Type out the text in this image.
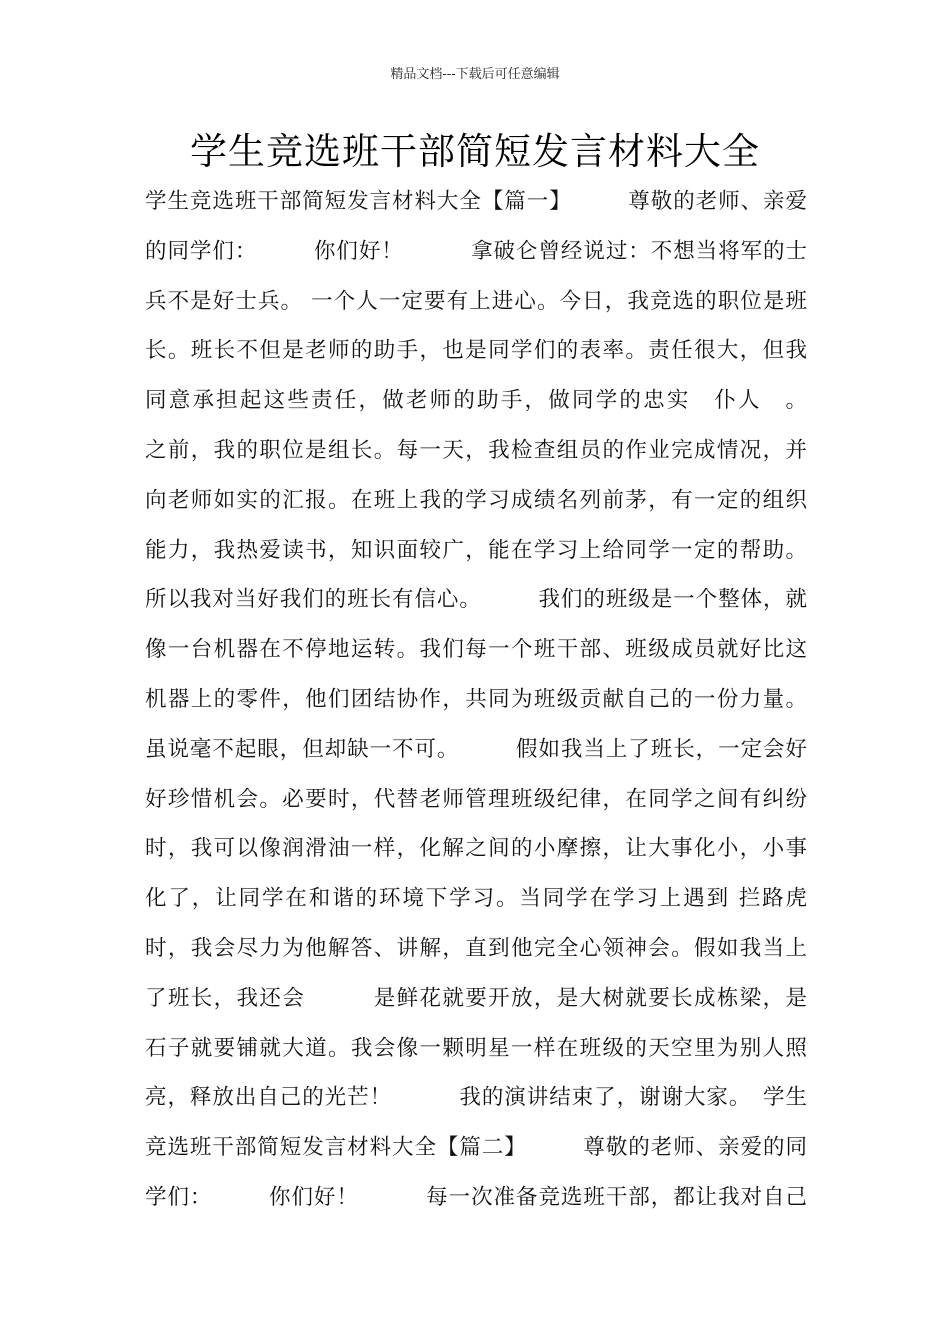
精品文档---下载后可任意编辑
学生竞选班干部简短发言材料大全
学生竞选班干部简短发言材料大全【篇一】　　　尊敬的老师、亲爱
的同学们：　　　你们好！　　　拿破仑曾经说过：不想当将军的士
兵不是好士兵。 一个人一定要有上进心。今日，我竞选的职位是班
长。班长不但是老师的助手，也是同学们的表率。责任很大，但我
同意承担起这些责任，做老师的助手，做同学的忠实　仆人　。
之前，我的职位是组长。每一天，我检查组员的作业完成情况，并
向老师如实的汇报。在班上我的学习成绩名列前茅，有一定的组织
能力，我热爱读书，知识面较广，能在学习上给同学一定的帮助。
所以我对当好我们的班长有信心。　　　我们的班级是一个整体，就
像一台机器在不停地运转。我们每一个班干部、班级成员就好比这
机器上的零件，他们团结协作，共同为班级贡献自己的一份力量。
虽说毫不起眼，但却缺一不可。　　　假如我当上了班长，一定会好
好珍惜机会。必要时，代替老师管理班级纪律，在同学之间有纠纷
时，我可以像润滑油一样，化解之间的小摩擦，让大事化小，小事
化了，让同学在和谐的环境下学习。当同学在学习上遇到 拦路虎
时，我会尽力为他解答、讲解，直到他完全心领神会。假如我当上
了班长，我还会　　　是鲜花就要开放，是大树就要长成栋梁，是
石子就要铺就大道。我会像一颗明星一样在班级的天空里为别人照
亮，释放出自己的光芒！　　　我的演讲结束了，谢谢大家。　学生
竞选班干部简短发言材料大全【篇二】　　　尊敬的老师、亲爱的同
学们：　　　你们好！　　　每一次准备竞选班干部，都让我对自己
